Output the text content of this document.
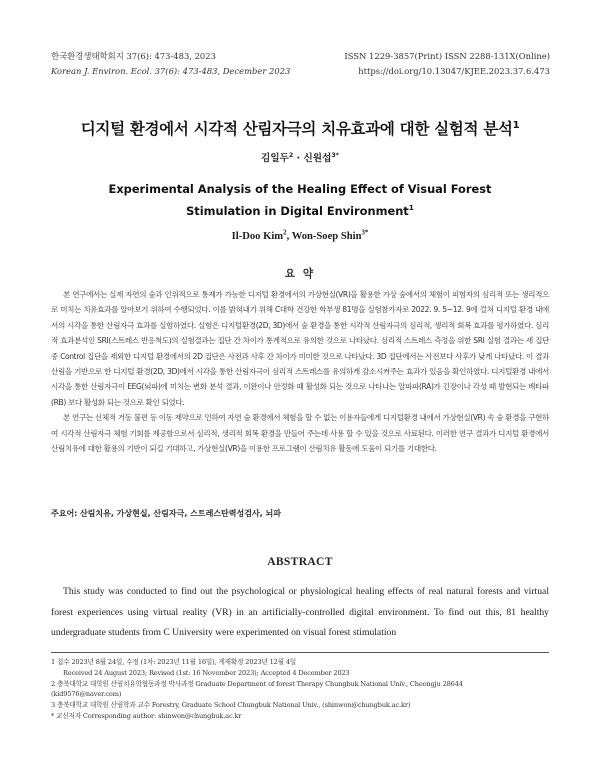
한국환경생태학회지 37(6): 473-483, 2023
Korean J. Environ. Ecol. 37(6): 473-483, December 2023
ISSN 1229-3857(Print) ISSN 2288-131X(Online)
https://doi.org/10.13047/KJEE.2023.37.6.473
디지털 환경에서 시각적 산림자극의 치유효과에 대한 실험적 분석$^1$
김일두$^2$ · 신원섭$^{3*}$
Experimental Analysis of the Healing Effect of Visual Forest Stimulation in Digital Environment$^1$
Il-Doo Kim$^2$, Won-Soep Shin$^{3*}$
요 약

본 연구에서는 실제 자연의 숲과 인위적으로 통제가 가능한 디지털 환경에서의 가상현실(VR)을 활용한 가상 숲에서의 체험이 피험자의 심리적 또는 생리적으로 미치는 치유효과를 알아보기 위하여 수행되었다. 이를 밝혀내기 위해 C대학 건강한 학부생 81명을 실험참가자로 2022. 9. 5~12. 9에 걸쳐 디지털 환경 내에서의 시각을 통한 산림자극 효과를 실험하였다. 실험은 디지털환경(2D, 3D)에서 숲 환경을 통한 시각적 산림자극의 심리적, 생리적 회복 효과를 평가하였다. 심리적 효과분석인 SRI(스트레스 반응척도)의 실험결과는 집단 간 차이가 통계적으로 유의한 것으로 나타났다. 심리적 스트레스 측정을 위한 SRI 실험 결과는 세 집단 중 Control 집단을 제외한 디지털 환경에서의 2D 집단은 사전과 사후 간 차이가 미미한 것으로 나타났다. 3D 집단에서는 사전보다 사후가 낮게 나타났다. 이 결과 산림을 기반으로 한 디지털 환경(2D, 3D)에서 시각을 통한 산림자극이 심리적 스트레스를 유의하게 감소시켜주는 효과가 있음을 확인하였다. 디지털환경 내에서 시각을 통한 산림자극이 EEG(뇌파)에 미치는 변화 분석 결과, 이완이나 안정화 때 활성화 되는 것으로 나타나는 알파파(RA)가 긴장이나 각성 때 발현되는 베타파(RB) 보다 활성화 되는 것으로 확인 되었다.

본 연구는 신체적 거동 불편 등 이동 제약으로 인하여 자연 숲 환경에서 체험을 할 수 없는 이용자들에게 디지털환경 내에서 가상현실(VR) 속 숲 환경을 구현하여 시각적 산림자극 체험 기회를 제공함으로서 심리적, 생리적 회복 환경을 만들어 주는데 사용 할 수 있을 것으로 사료된다. 이러한 연구 결과가 디지털 환경에서 산림치유에 대한 활용의 기반이 되길 기대하고, 가상현실(VR)을 이용한 프로그램이 산림치유 활동에 도움이 되기를 기대한다.

주요어: 산림치유, 가상현실, 산림자극, 스트레스탄력성검사, 뇌파
ABSTRACT

This study was conducted to find out the psychological or physiological healing effects of real natural forests and virtual forest experiences using virtual reality (VR) in an artificially-controlled digital environment. To find out this, 81 healthy undergraduate students from C University were experimented on visual forest stimulation

1 접수 2023년 8월 24일, 수정 (1차: 2023년 11월 16일), 게재확정 2023년 12월 4일
Received 24 August 2023; Revised (1st: 16 November 2023); Accepted 4 December 2023
2 충북대학교 대학원 산림치유학협동과정 박사과정 Graduate Department of forest Therapy Chungbuk National Univ., Cheongju 28644
(kid9576@naver.com)
3 충북대학교 대학원 산림학과 교수 Forestry, Graduate School Chungbuk National Univ., (shinwon@chungbuk.ac.kr)
* 교신저자 Corresponding author: shinwon@chungbuk.ac.kr
